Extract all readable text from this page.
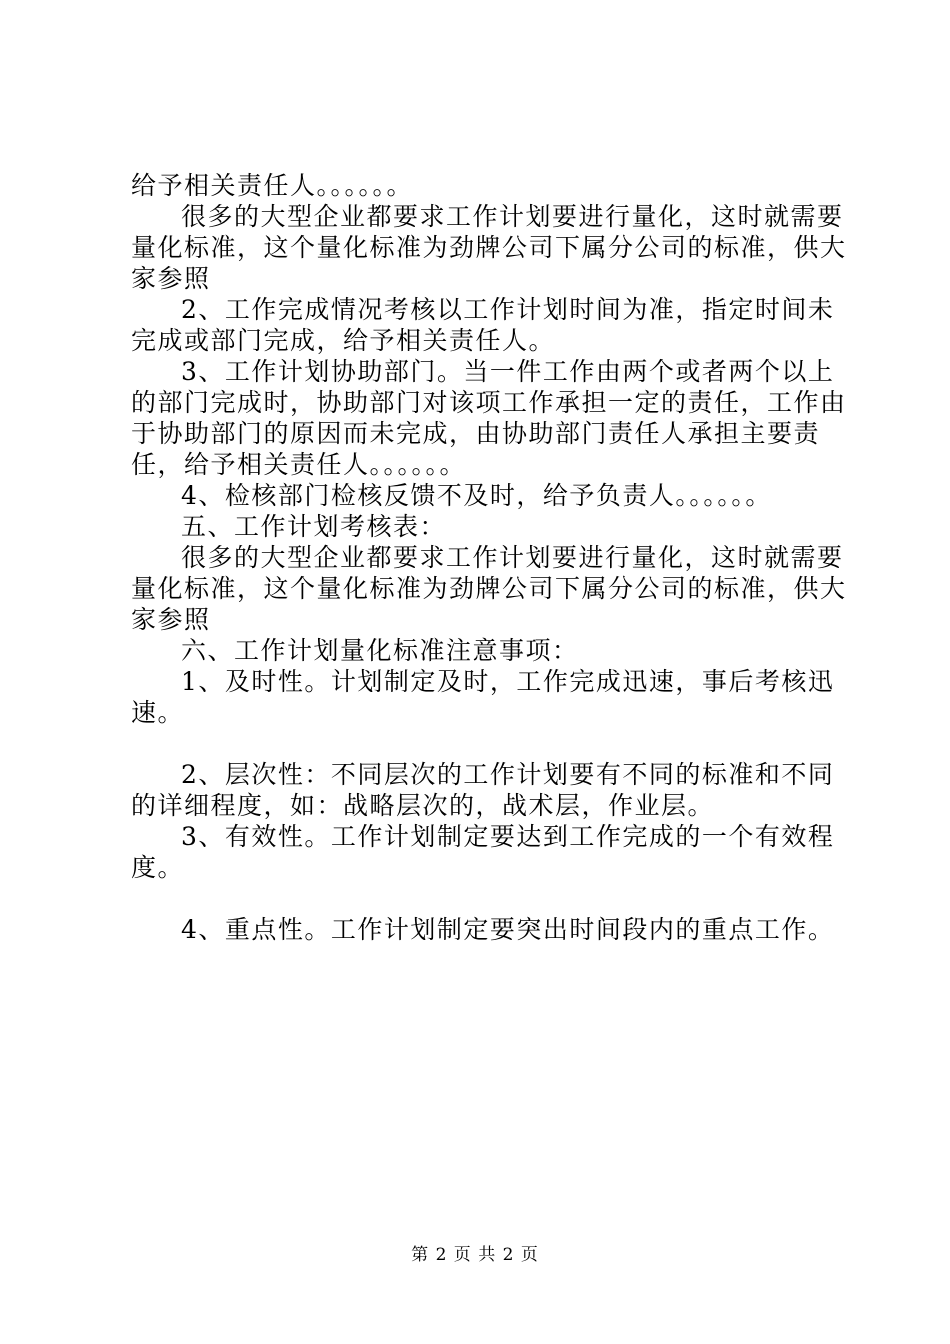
给予相关责任人。。。。。。

很多的大型企业都要求工作计划要进行量化，这时就需要量化标准，这个量化标准为劲牌公司下属分公司的标准，供大家参照

2、工作完成情况考核以工作计划时间为准，指定时间未完成或部门完成，给予相关责任人。

3、工作计划协助部门。当一件工作由两个或者两个以上的部门完成时，协助部门对该项工作承担一定的责任，工作由于协助部门的原因而未完成，由协助部门责任人承担主要责任，给予相关责任人。。。。。。

4、检核部门检核反馈不及时，给予负责人。。。。。。

五、工作计划考核表：

很多的大型企业都要求工作计划要进行量化，这时就需要量化标准，这个量化标准为劲牌公司下属分公司的标准，供大家参照

六、工作计划量化标准注意事项：

1、及时性。计划制定及时，工作完成迅速，事后考核迅速。

2、层次性：不同层次的工作计划要有不同的标准和不同的详细程度，如：战略层次的，战术层，作业层。

3、有效性。工作计划制定要达到工作完成的一个有效程度。

4、重点性。工作计划制定要突出时间段内的重点工作。

第 2 页 共 2 页
